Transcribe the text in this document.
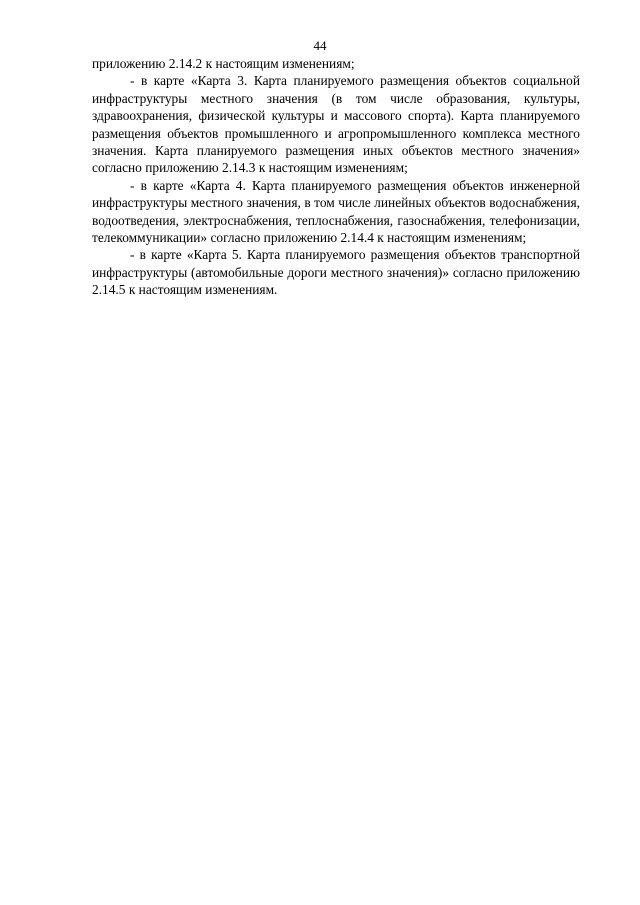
44

приложению 2.14.2 к настоящим изменениям;

- в карте «Карта 3. Карта планируемого размещения объектов социальной инфраструктуры местного значения (в том числе образования, культуры, здравоохранения, физической культуры и массового спорта). Карта планируемого размещения объектов промышленного и агропромышленного комплекса местного значения. Карта планируемого размещения иных объектов местного значения» согласно приложению 2.14.3 к настоящим изменениям;

- в карте «Карта 4. Карта планируемого размещения объектов инженерной инфраструктуры местного значения, в том числе линейных объектов водоснабжения, водоотведения, электроснабжения, теплоснабжения, газоснабжения, телефонизации, телекоммуникации» согласно приложению 2.14.4 к настоящим изменениям;

- в карте «Карта 5. Карта планируемого размещения объектов транспортной инфраструктуры (автомобильные дороги местного значения)» согласно приложению 2.14.5 к настоящим изменениям.
